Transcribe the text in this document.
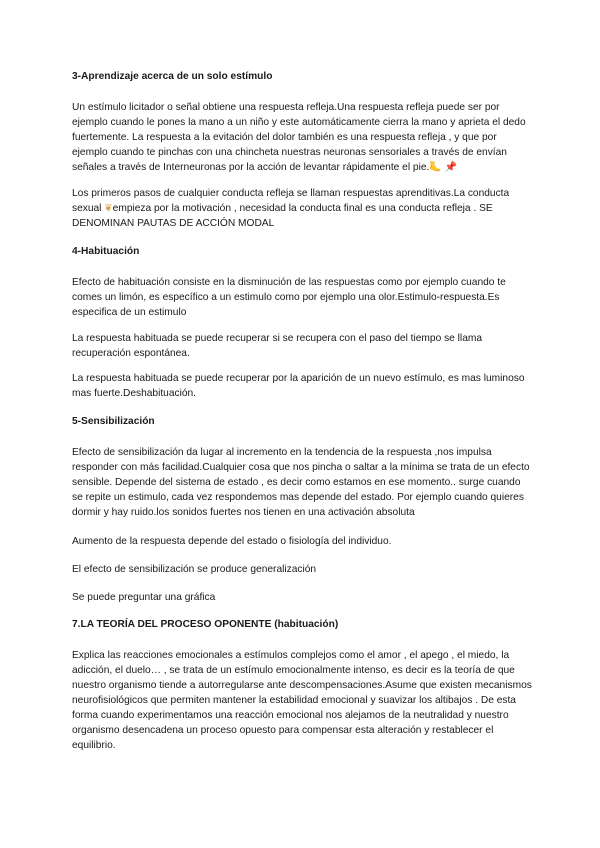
3-Aprendizaje acerca de un solo estímulo

Un estímulo licitador o señal obtiene una respuesta refleja.Una respuesta refleja puede ser por ejemplo cuando le pones la mano a un niño y este automáticamente cierra la mano y aprieta el dedo fuertemente. La respuesta a la evitación del dolor también es una respuesta refleja , y que por ejemplo cuando te pinchas con una chincheta nuestras neuronas sensoriales a través de envían señales a través de Interneuronas por la acción de levantar rápidamente el pie.🦶 📌

Los primeros pasos de cualquier conducta refleja se llaman respuestas aprenditivas.La conducta sexual ❦empieza por la motivación , necesidad la conducta final es una conducta refleja . SE DENOMINAN PAUTAS DE ACCIÓN MODAL

4-Habituación

Efecto de habituación consiste en la disminución de las respuestas como por ejemplo cuando te comes un limón, es específico a un estimulo como por ejemplo una olor.Estimulo-respuesta.Es especifica de un estimulo

La respuesta habituada se puede recuperar si se recupera con el paso del tiempo se llama recuperación espontánea.

La respuesta habituada se puede recuperar por la aparición de un nuevo estímulo, es mas luminoso mas fuerte.Deshabituación.

5-Sensibilización

Efecto de sensibilización da lugar al incremento en la tendencia de la respuesta ,nos impulsa responder con más facilidad.Cualquier cosa que nos pincha o saltar a la mínima se trata de un efecto sensible. Depende del sistema de estado , es decir como estamos en ese momento.. surge cuando se repite un estimulo, cada vez respondemos mas depende del estado. Por ejemplo cuando quieres dormir y hay ruido.los sonidos fuertes nos tienen en una activación absoluta

Aumento de la respuesta depende del estado o fisiología del individuo.

El efecto de sensibilización se produce generalización

Se puede preguntar una gráfica

7.LA TEORÍA DEL PROCESO OPONENTE (habituación)

Explica las reacciones emocionales a estímulos complejos como el amor , el apego , el miedo, la adicción, el duelo… , se trata de un estímulo emocionalmente intenso, es decir es la teoría de que nuestro organismo tiende a autorregularse ante descompensaciones.Asume que existen mecanismos neurofisiológicos que permiten mantener la estabilidad emocional y suavizar los altibajos . De esta forma cuando experimentamos una reacción emocional nos alejamos de la neutralidad y nuestro organismo desencadena un proceso opuesto para compensar esta alteración y restablecer el equilibrio.
